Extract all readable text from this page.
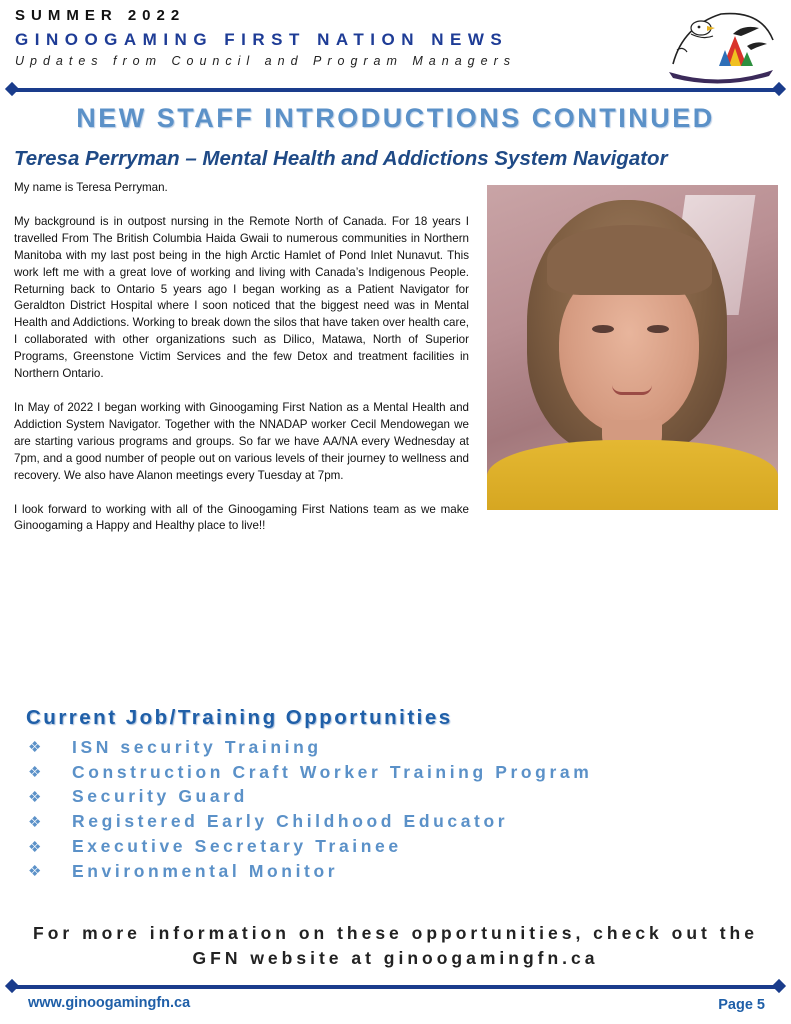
SUMMER 2022
GINOOGAMING FIRST NATION NEWS
Updates from Council and Program Managers
NEW STAFF INTRODUCTIONS CONTINUED
Teresa Perryman – Mental Health and Addictions System Navigator

My name is Teresa Perryman.

My background is in outpost nursing in the Remote North of Canada. For 18 years I travelled From The British Columbia Haida Gwaii to numerous communities in Northern Manitoba with my last post being in the high Arctic Hamlet of Pond Inlet Nunavut. This work left me with a great love of working and living with Canada’s Indigenous People. Returning back to Ontario 5 years ago I began working as a Patient Navigator for Geraldton District Hospital where I soon noticed that the biggest need was in Mental Health and Addictions. Working to break down the silos that have taken over health care, I collaborated with other organizations such as Dilico, Matawa, North of Superior Programs, Greenstone Victim Services and the few Detox and treatment facilities in Northern Ontario.

In May of 2022 I began working with Ginoogaming First Nation as a Mental Health and Addiction System Navigator. Together with the NNADAP worker Cecil Mendowegan we are starting various programs and groups. So far we have AA/NA every Wednesday at 7pm, and a good number of people out on various levels of their journey to wellness and recovery. We also have Alanon meetings every Tuesday at 7pm.

I look forward to working with all of the Ginoogaming First Nations team as we make Ginoogaming a Happy and Healthy place to live!!

Current Job/Training Opportunities
❖	ISN security Training
❖	Construction Craft Worker Training Program
❖	Security Guard
❖	Registered Early Childhood Educator
❖	Executive Secretary Trainee
❖	Environmental Monitor
For more information on these opportunities, check out the
GFN website at ginoogamingfn.ca
www.ginoogamingfn.ca	Page 5
